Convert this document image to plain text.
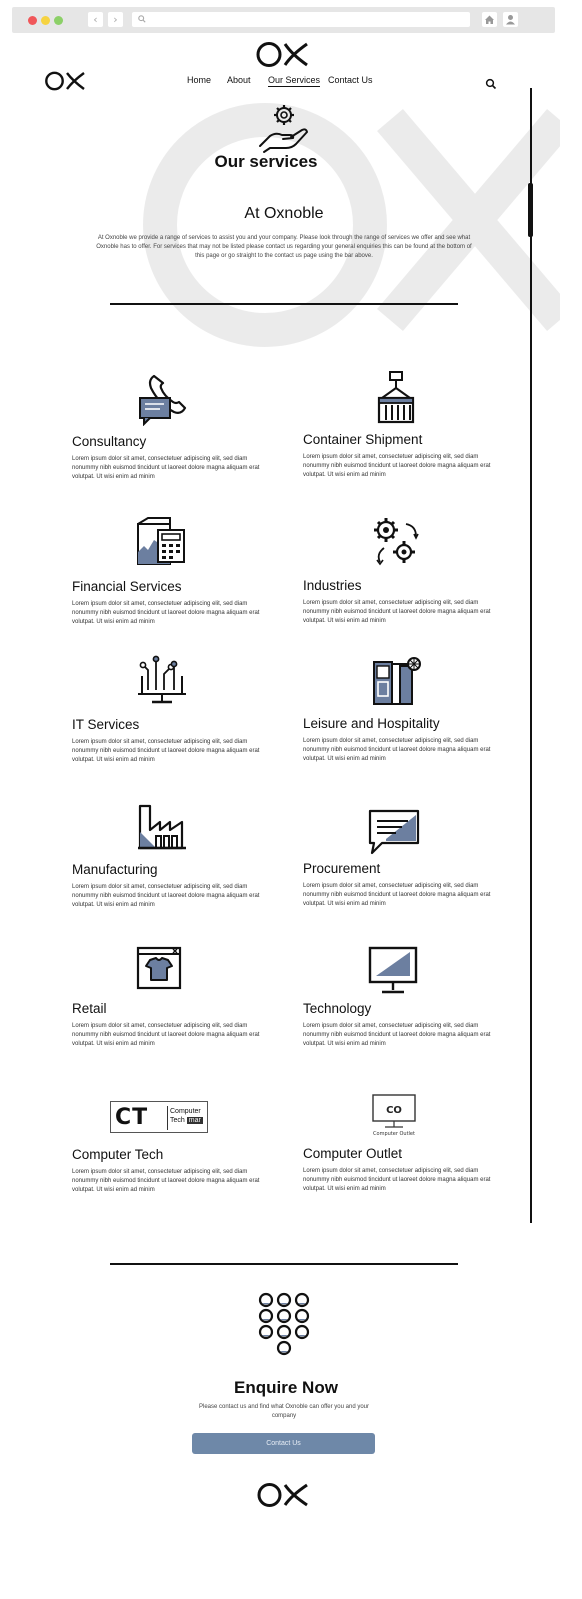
‹	›
Home About Our Services Contact Us
Our services
At Oxnoble

At Oxnoble we provide a range of services to assist you and your company. Please look through the range of services we offer and see what Oxnoble has to offer. For services that may not be listed please contact us regarding your general enquiries this can be found at the bottom of this page or go straight to the contact us page using the bar above.

Consultancy

Lorem ipsum dolor sit amet, consectetuer adipiscing elit, sed diam nonummy nibh euismod tincidunt ut laoreet dolore magna aliquam erat volutpat. Ut wisi enim ad minim

Container Shipment

Lorem ipsum dolor sit amet, consectetuer adipiscing elit, sed diam nonummy nibh euismod tincidunt ut laoreet dolore magna aliquam erat volutpat. Ut wisi enim ad minim

Financial Services

Lorem ipsum dolor sit amet, consectetuer adipiscing elit, sed diam nonummy nibh euismod tincidunt ut laoreet dolore magna aliquam erat volutpat. Ut wisi enim ad minim

Industries

Lorem ipsum dolor sit amet, consectetuer adipiscing elit, sed diam nonummy nibh euismod tincidunt ut laoreet dolore magna aliquam erat volutpat. Ut wisi enim ad minim

IT Services

Lorem ipsum dolor sit amet, consectetuer adipiscing elit, sed diam nonummy nibh euismod tincidunt ut laoreet dolore magna aliquam erat volutpat. Ut wisi enim ad minim

Leisure and Hospitality

Lorem ipsum dolor sit amet, consectetuer adipiscing elit, sed diam nonummy nibh euismod tincidunt ut laoreet dolore magna aliquam erat volutpat. Ut wisi enim ad minim

Manufacturing

Lorem ipsum dolor sit amet, consectetuer adipiscing elit, sed diam nonummy nibh euismod tincidunt ut laoreet dolore magna aliquam erat volutpat. Ut wisi enim ad minim

Procurement

Lorem ipsum dolor sit amet, consectetuer adipiscing elit, sed diam nonummy nibh euismod tincidunt ut laoreet dolore magna aliquam erat volutpat. Ut wisi enim ad minim

Retail

Lorem ipsum dolor sit amet, consectetuer adipiscing elit, sed diam nonummy nibh euismod tincidunt ut laoreet dolore magna aliquam erat volutpat. Ut wisi enim ad minim

Technology

Lorem ipsum dolor sit amet, consectetuer adipiscing elit, sed diam nonummy nibh euismod tincidunt ut laoreet dolore magna aliquam erat volutpat. Ut wisi enim ad minim

CT	Computer
Tech mar
Computer Tech

Lorem ipsum dolor sit amet, consectetuer adipiscing elit, sed diam nonummy nibh euismod tincidunt ut laoreet dolore magna aliquam erat volutpat. Ut wisi enim ad minim

CO
Computer Outlet
Computer Outlet

Lorem ipsum dolor sit amet, consectetuer adipiscing elit, sed diam nonummy nibh euismod tincidunt ut laoreet dolore magna aliquam erat volutpat. Ut wisi enim ad minim

Enquire Now

Please contact us and find what Oxnoble can offer you and your company

Contact Us
